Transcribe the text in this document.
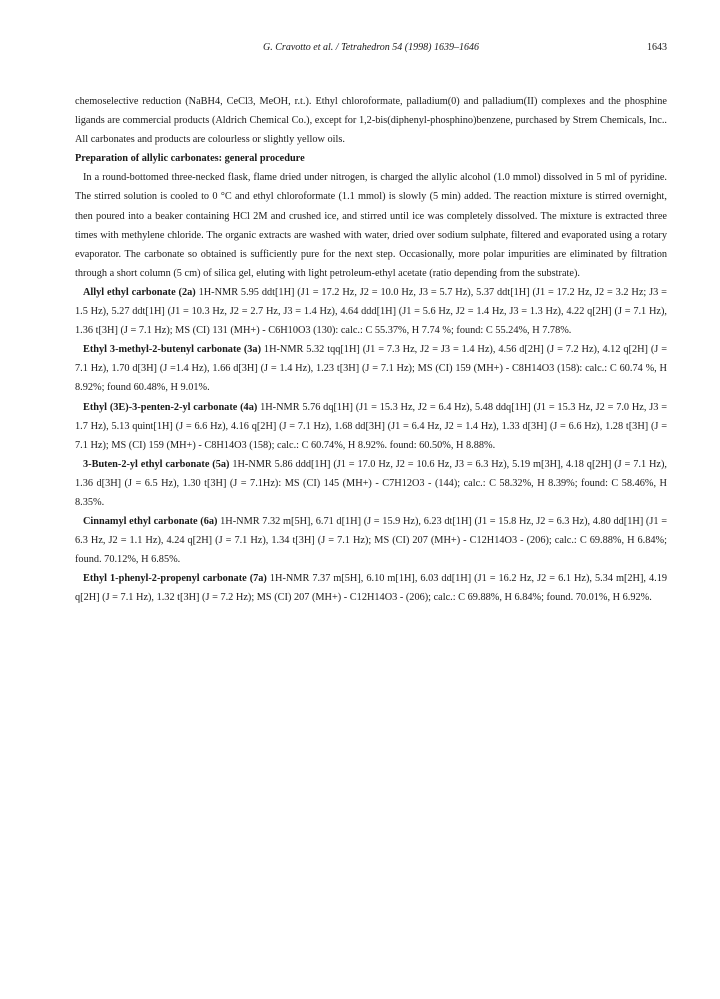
G. Cravotto et al. / Tetrahedron 54 (1998) 1639–1646	1643

chemoselective reduction (NaBH4, CeCl3, MeOH, r.t.). Ethyl chloroformate, palladium(0) and palladium(II) complexes and the phosphine ligands are commercial products (Aldrich Chemical Co.), except for 1,2-bis(diphenyl-phosphino)benzene, purchased by Strem Chemicals, Inc.. All carbonates and products are colourless or slightly yellow oils.

Preparation of allylic carbonates: general procedure

In a round-bottomed three-necked flask, flame dried under nitrogen, is charged the allylic alcohol (1.0 mmol) dissolved in 5 ml of pyridine. The stirred solution is cooled to 0 °C and ethyl chloroformate (1.1 mmol) is slowly (5 min) added. The reaction mixture is stirred overnight, then poured into a beaker containing HCl 2M and crushed ice, and stirred until ice was completely dissolved. The mixture is extracted three times with methylene chloride. The organic extracts are washed with water, dried over sodium sulphate, filtered and evaporated using a rotary evaporator. The carbonate so obtained is sufficiently pure for the next step. Occasionally, more polar impurities are eliminated by filtration through a short column (5 cm) of silica gel, eluting with light petroleum-ethyl acetate (ratio depending from the substrate).

Allyl ethyl carbonate (2a) 1H-NMR 5.95 ddt[1H] (J1 = 17.2 Hz, J2 = 10.0 Hz, J3 = 5.7 Hz), 5.37 ddt[1H] (J1 = 17.2 Hz, J2 = 3.2 Hz; J3 = 1.5 Hz), 5.27 ddt[1H] (J1 = 10.3 Hz, J2 = 2.7 Hz, J3 = 1.4 Hz), 4.64 ddd[1H] (J1 = 5.6 Hz, J2 = 1.4 Hz, J3 = 1.3 Hz), 4.22 q[2H] (J = 7.1 Hz), 1.36 t[3H] (J = 7.1 Hz); MS (CI) 131 (MH+) - C6H10O3 (130): calc.: C 55.37%, H 7.74 %; found: C 55.24%, H 7.78%.

Ethyl 3-methyl-2-butenyl carbonate (3a) 1H-NMR 5.32 tqq[1H] (J1 = 7.3 Hz, J2 = J3 = 1.4 Hz), 4.56 d[2H] (J = 7.2 Hz), 4.12 q[2H] (J = 7.1 Hz), 1.70 d[3H] (J =1.4 Hz), 1.66 d[3H] (J = 1.4 Hz), 1.23 t[3H] (J = 7.1 Hz); MS (CI) 159 (MH+) - C8H14O3 (158): calc.: C 60.74 %, H 8.92%; found 60.48%, H 9.01%.

Ethyl (3E)-3-penten-2-yl carbonate (4a) 1H-NMR 5.76 dq[1H] (J1 = 15.3 Hz, J2 = 6.4 Hz), 5.48 ddq[1H] (J1 = 15.3 Hz, J2 = 7.0 Hz, J3 = 1.7 Hz), 5.13 quint[1H] (J = 6.6 Hz), 4.16 q[2H] (J = 7.1 Hz), 1.68 dd[3H] (J1 = 6.4 Hz, J2 = 1.4 Hz), 1.33 d[3H] (J = 6.6 Hz), 1.28 t[3H] (J = 7.1 Hz); MS (CI) 159 (MH+) - C8H14O3 (158); calc.: C 60.74%, H 8.92%. found: 60.50%, H 8.88%.

3-Buten-2-yl ethyl carbonate (5a) 1H-NMR 5.86 ddd[1H] (J1 = 17.0 Hz, J2 = 10.6 Hz, J3 = 6.3 Hz), 5.19 m[3H], 4.18 q[2H] (J = 7.1 Hz), 1.36 d[3H] (J = 6.5 Hz), 1.30 t[3H] (J = 7.1Hz): MS (CI) 145 (MH+) - C7H12O3 - (144); calc.: C 58.32%, H 8.39%; found: C 58.46%, H 8.35%.

Cinnamyl ethyl carbonate (6a) 1H-NMR 7.32 m[5H], 6.71 d[1H] (J = 15.9 Hz), 6.23 dt[1H] (J1 = 15.8 Hz, J2 = 6.3 Hz), 4.80 dd[1H] (J1 = 6.3 Hz, J2 = 1.1 Hz), 4.24 q[2H] (J = 7.1 Hz), 1.34 t[3H] (J = 7.1 Hz); MS (CI) 207 (MH+) - C12H14O3 - (206); calc.: C 69.88%, H 6.84%; found. 70.12%, H 6.85%.

Ethyl 1-phenyl-2-propenyl carbonate (7a) 1H-NMR 7.37 m[5H], 6.10 m[1H], 6.03 dd[1H] (J1 = 16.2 Hz, J2 = 6.1 Hz), 5.34 m[2H], 4.19 q[2H] (J = 7.1 Hz), 1.32 t[3H] (J = 7.2 Hz); MS (CI) 207 (MH+) - C12H14O3 - (206); calc.: C 69.88%, H 6.84%; found. 70.01%, H 6.92%.
